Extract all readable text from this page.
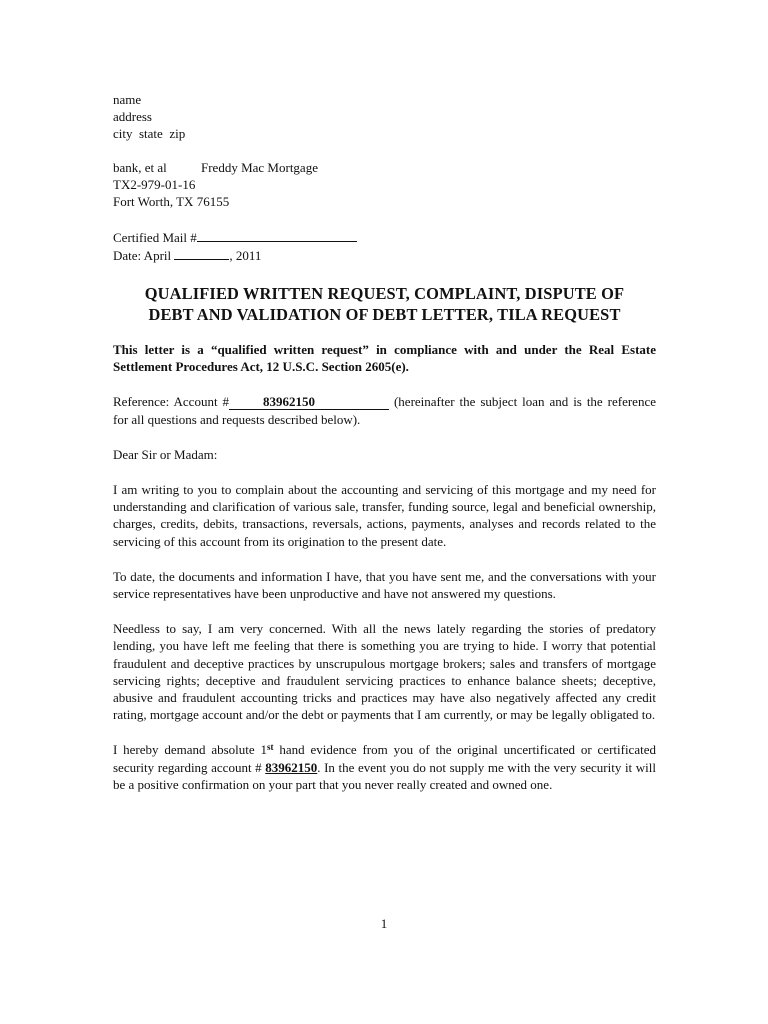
name
address
city  state  zip
bank, et al	Freddy Mac Mortgage
TX2-979-01-16
Fort Worth, TX 76155
Certified Mail #
Date: April	, 2011

QUALIFIED WRITTEN REQUEST, COMPLAINT, DISPUTE OF

DEBT AND VALIDATION OF DEBT LETTER, TILA REQUEST

This letter is a “qualified written request” in compliance with and under the Real Estate Settlement Procedures Act, 12 U.S.C. Section 2605(e).
Reference: Account #	83962150	(hereinafter the subject loan and is the reference for all questions and requests described below).
Dear Sir or Madam:
I am writing to you to complain about the accounting and servicing of this mortgage and my need for understanding and clarification of various sale, transfer, funding source, legal and beneficial ownership, charges, credits, debits, transactions, reversals, actions, payments, analyses and records related to the servicing of this account from its origination to the present date.
To date, the documents and information I have, that you have sent me, and the conversations with your service representatives have been unproductive and have not answered my questions.
Needless to say, I am very concerned. With all the news lately regarding the stories of predatory lending, you have left me feeling that there is something you are trying to hide. I worry that potential fraudulent and deceptive practices by unscrupulous mortgage brokers; sales and transfers of mortgage servicing rights; deceptive and fraudulent servicing practices to enhance balance sheets; deceptive, abusive and fraudulent accounting tricks and practices may have also negatively affected any credit rating, mortgage account and/or the debt or payments that I am currently, or may be legally obligated to.
I hereby demand absolute 1st hand evidence from you of the original uncertificated or certificated security regarding account # 83962150. In the event you do not supply me with the very security it will be a positive confirmation on your part that you never really created and owned one.
1
